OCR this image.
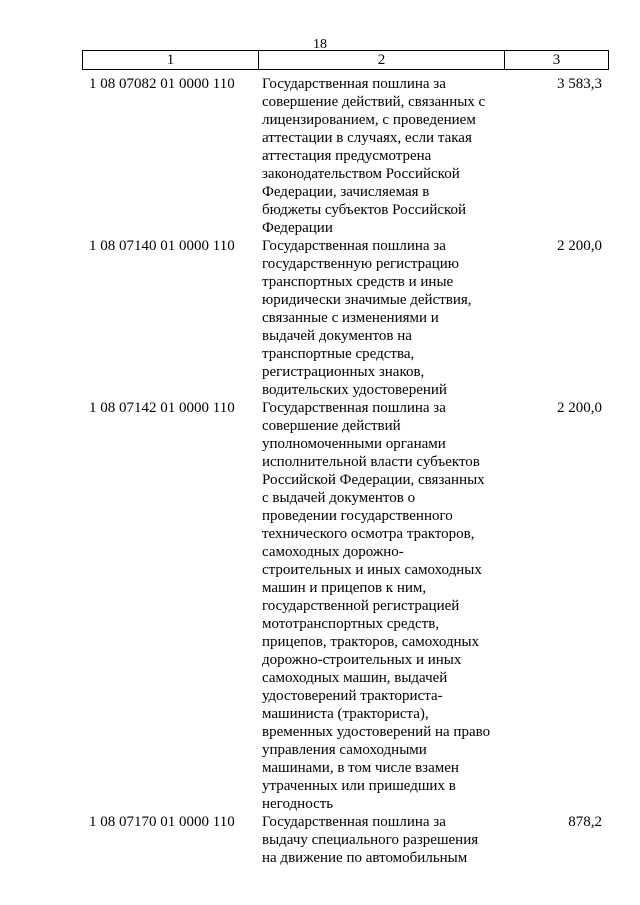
18
1	2	3
1 08 07082 01 0000 110 Государственная пошлина за
совершение действий, связанных с
лицензированием, с проведением
аттестации в случаях, если такая
аттестация предусмотрена
законодательством Российской
Федерации, зачисляемая в
бюджеты субъектов Российской
Федерации
3 583,3
1 08 07140 01 0000 110 Государственная пошлина за
государственную регистрацию
транспортных средств и иные
юридически значимые действия,
связанные с изменениями и
выдачей документов на
транспортные средства,
регистрационных знаков,
водительских удостоверений
2 200,0
1 08 07142 01 0000 110 Государственная пошлина за
совершение действий
уполномоченными органами
исполнительной власти субъектов
Российской Федерации, связанных
с выдачей документов о
проведении государственного
технического осмотра тракторов,
самоходных дорожно-
строительных и иных самоходных
машин и прицепов к ним,
государственной регистрацией
мототранспортных средств,
прицепов, тракторов, самоходных
дорожно-строительных и иных
самоходных машин, выдачей
удостоверений тракториста-
машиниста (тракториста),
временных удостоверений на право
управления самоходными
машинами, в том числе взамен
утраченных или пришедших в
негодность
2 200,0
1 08 07170 01 0000 110 Государственная пошлина за
выдачу специального разрешения
на движение по автомобильным
878,2
